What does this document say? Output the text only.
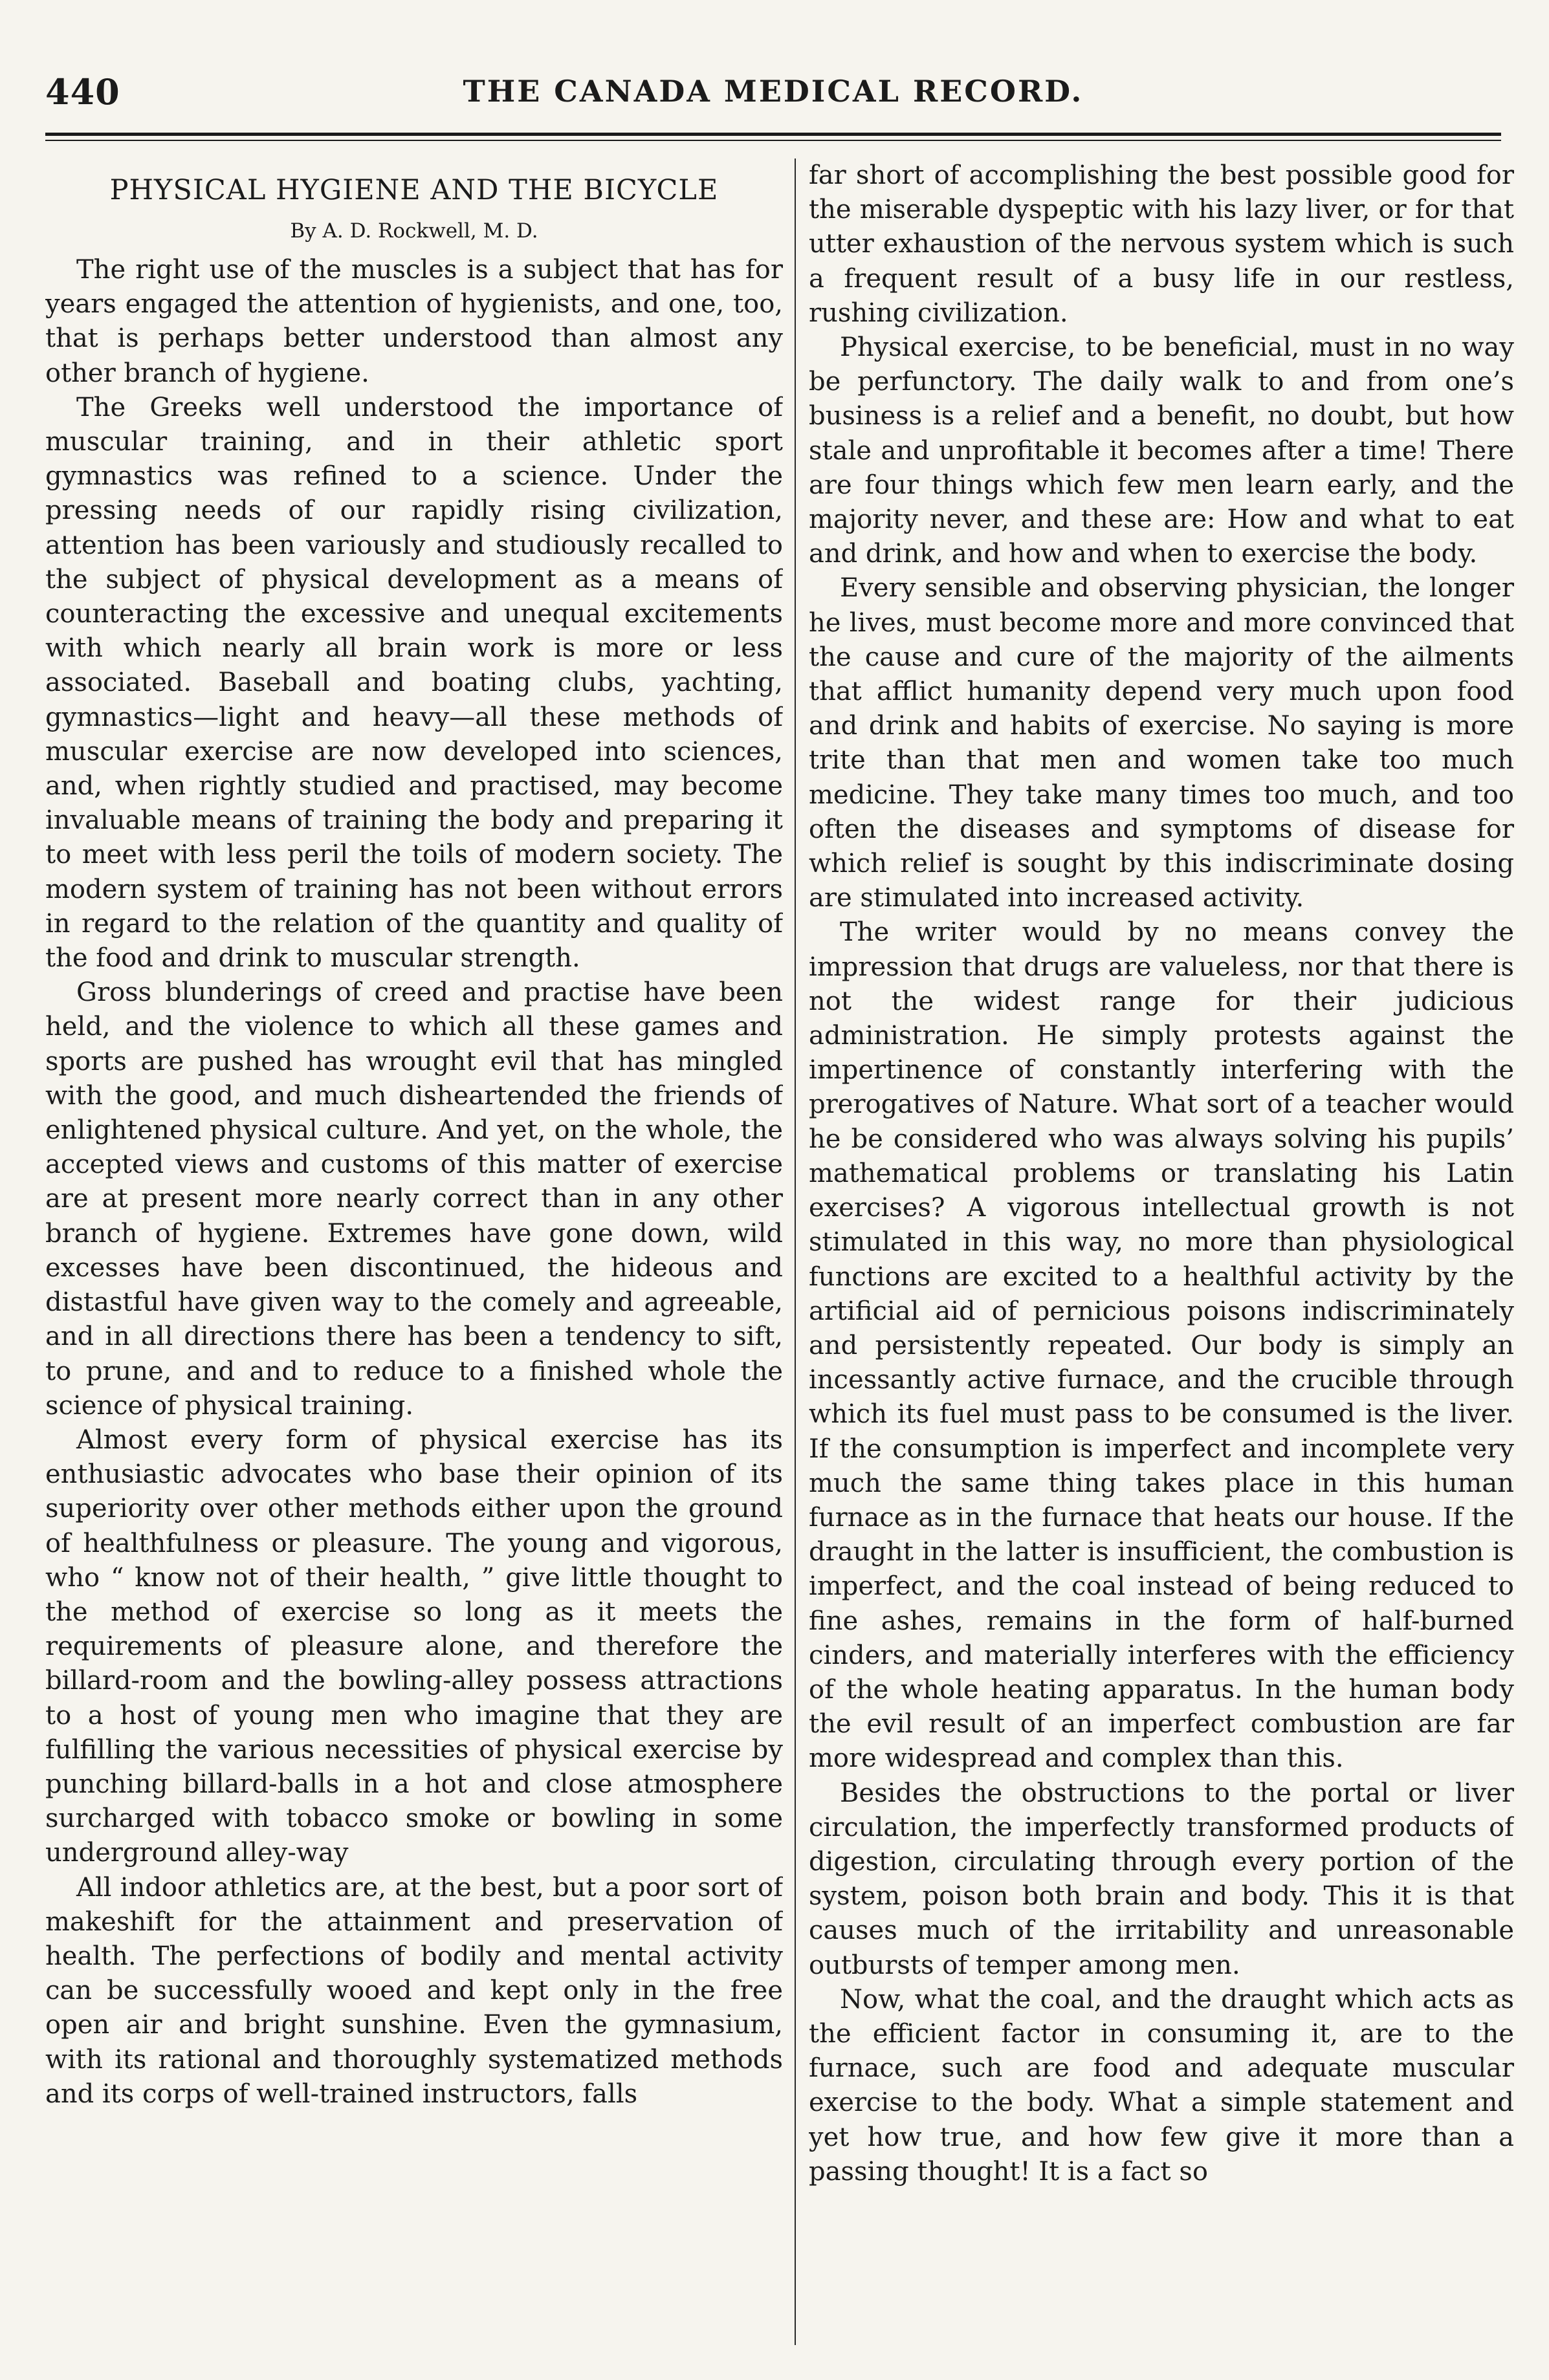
440	THE CANADA MEDICAL RECORD.
PHYSICAL HYGIENE AND THE BICYCLE
By A. D. Rockwell, M. D.

The right use of the muscles is a subject that has for years engaged the attention of hygienists, and one, too, that is perhaps better understood than almost any other branch of hygiene.

The Greeks well understood the importance of muscular training, and in their athletic sport gymnastics was refined to a science. Under the pressing needs of our rapidly rising civilization, attention has been variously and studiously recalled to the subject of physical development as a means of counteracting the excessive and unequal excitements with which nearly all brain work is more or less associated. Baseball and boating clubs, yachting, gymnastics—light and heavy—all these methods of muscular exercise are now developed into sciences, and, when rightly studied and practised, may become invaluable means of training the body and preparing it to meet with less peril the toils of modern society. The modern system of training has not been without errors in regard to the relation of the quantity and quality of the food and drink to muscular strength.

Gross blunderings of creed and practise have been held, and the violence to which all these games and sports are pushed has wrought evil that has mingled with the good, and much disheartended the friends of enlightened physical culture. And yet, on the whole, the accepted views and customs of this matter of exercise are at present more nearly correct than in any other branch of hygiene. Extremes have gone down, wild excesses have been discontinued, the hideous and distastful have given way to the comely and agreeable, and in all directions there has been a tendency to sift, to prune, and and to reduce to a finished whole the science of physical training.

Almost every form of physical exercise has its enthusiastic advocates who base their opinion of its superiority over other methods either upon the ground of healthfulness or pleasure. The young and vigorous, who “ know not of their health, ” give little thought to the method of exercise so long as it meets the requirements of pleasure alone, and therefore the billard-room and the bowling-alley possess attractions to a host of young men who imagine that they are fulfilling the various necessities of physical exercise by punching billard-balls in a hot and close atmosphere surcharged with tobacco smoke or bowling in some underground alley-way

All indoor athletics are, at the best, but a poor sort of makeshift for the attainment and preservation of health. The perfections of bodily and mental activity can be successfully wooed and kept only in the free open air and bright sunshine. Even the gymnasium, with its rational and thoroughly systematized methods and its corps of well-trained instructors, falls

far short of accomplishing the best possible good for the miserable dyspeptic with his lazy liver, or for that utter exhaustion of the nervous system which is such a frequent result of a busy life in our restless, rushing civilization.

Physical exercise, to be beneficial, must in no way be perfunctory. The daily walk to and from one’s business is a relief and a benefit, no doubt, but how stale and unprofitable it becomes after a time! There are four things which few men learn early, and the majority never, and these are: How and what to eat and drink, and how and when to exercise the body.

Every sensible and observing physician, the longer he lives, must become more and more convinced that the cause and cure of the majority of the ailments that afflict humanity depend very much upon food and drink and habits of exercise. No saying is more trite than that men and women take too much medicine. They take many times too much, and too often the diseases and symptoms of disease for which relief is sought by this indiscriminate dosing are stimulated into increased activity.

The writer would by no means convey the impression that drugs are valueless, nor that there is not the widest range for their judicious administration. He simply protests against the impertinence of constantly interfering with the prerogatives of Nature. What sort of a teacher would he be considered who was always solving his pupils’ mathematical problems or translating his Latin exercises? A vigorous intellectual growth is not stimulated in this way, no more than physiological functions are excited to a healthful activity by the artificial aid of pernicious poisons indiscriminately and persistently repeated. Our body is simply an incessantly active furnace, and the crucible through which its fuel must pass to be consumed is the liver. If the consumption is imperfect and incomplete very much the same thing takes place in this human furnace as in the furnace that heats our house. If the draught in the latter is insufficient, the combustion is imperfect, and the coal instead of being reduced to fine ashes, remains in the form of half-burned cinders, and materially interferes with the efficiency of the whole heating apparatus. In the human body the evil result of an imperfect combustion are far more widespread and complex than this.

Besides the obstructions to the portal or liver circulation, the imperfectly transformed products of digestion, circulating through every portion of the system, poison both brain and body. This it is that causes much of the irritability and unreasonable outbursts of temper among men.

Now, what the coal, and the draught which acts as the efficient factor in consuming it, are to the furnace, such are food and adequate muscular exercise to the body. What a simple statement and yet how true, and how few give it more than a passing thought! It is a fact so
